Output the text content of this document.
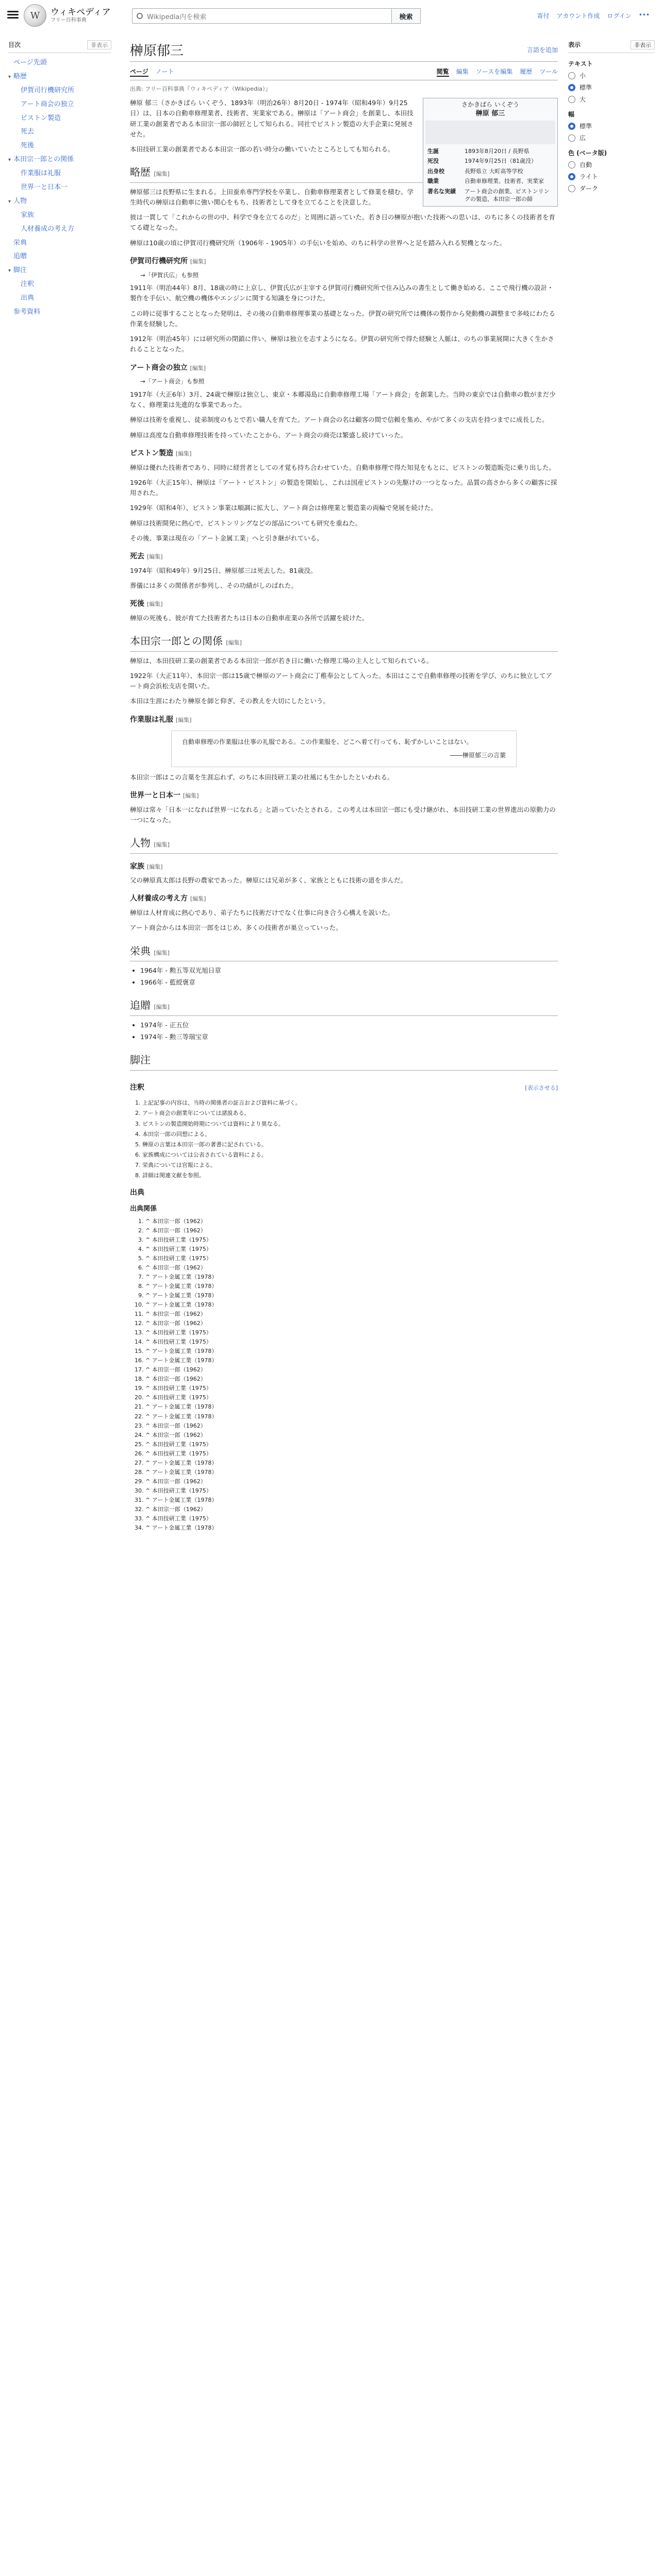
W	ウィキペディア
フリー百科事典	Wikipedia内を検索	検索	寄付 アカウント作成 ログイン •••
目次	非表示
ページ先頭
▾ 略歴
伊賀司行機研究所
アート商会の独立
ピストン製造
死去
死後
▾ 本田宗一郎との関係
作業服は礼服
世界一と日本一
▾ 人物
家族
人材養成の考え方
栄典
追贈
▾ 脚注
注釈
出典
参考資料
表示	非表示
テキスト
小
標準
大
幅
標準
広
色 (ベータ版)
自動
ライト
ダーク
榊原郁三	言語を追加
ページ ノート	閲覧 編集 ソースを編集 履歴 ツール
出典: フリー百科事典『ウィキペディア（Wikipedia）』
さかきばら いくぞう
榊原 郁三
生誕	1893年8月20日 / 長野県
死没	1974年9月25日（81歳没）
出身校	長野県立 大町高等学校
職業	自動車修理業、技術者、実業家
著名な実績	アート商会の創業、ピストンリングの製造、本田宗一郎の師

榊原 郁三（さかきばら いくぞう、1893年（明治26年）8月20日 - 1974年（昭和49年）9月25日）は、日本の自動車修理業者、技術者、実業家である。榊原は「アート商会」を創業し、本田技研工業の創業者である本田宗一郎の師匠として知られる。同社でピストン製造の大手企業に発展させた。

本田技研工業の創業者である本田宗一郎の若い時分の働いていたところとしても知られる。

略歴 [編集]

榊原郁三は長野県に生まれる。上田蚕糸専門学校を卒業し、自動車修理業者として修業を積む。学生時代の榊原は自動車に強い関心をもち、技術者として身を立てることを決意した。

彼は一貫して「これからの世の中、科学で身を立てるのだ」と周囲に語っていた。若き日の榊原が抱いた技術への思いは、のちに多くの技術者を育てる礎となった。

榊原は10歳の頃に伊賀司行機研究所（1906年 - 1905年）の手伝いを始め、のちに科学の世界へと足を踏み入れる契機となった。

伊賀司行機研究所 [編集]
→「伊賀氏広」も参照

1911年（明治44年）8月、18歳の時に上京し、伊賀氏広が主宰する伊賀司行機研究所で住み込みの書生として働き始める。ここで飛行機の設計・製作を手伝い、航空機の機体やエンジンに関する知識を身につけた。

この時に従事することとなった発明は、その後の自動車修理事業の基礎となった。伊賀の研究所では機体の製作から発動機の調整まで多岐にわたる作業を経験した。

1912年（明治45年）には研究所の閉鎖に伴い、榊原は独立を志すようになる。伊賀の研究所で得た経験と人脈は、のちの事業展開に大きく生かされることとなった。

アート商会の独立 [編集]
→「アート商会」も参照

1917年（大正6年）3月、24歳で榊原は独立し、東京・本郷湯島に自動車修理工場「アート商会」を創業した。当時の東京では自動車の数がまだ少なく、修理業は先進的な事業であった。

榊原は技術を重視し、徒弟制度のもとで若い職人を育てた。アート商会の名は顧客の間で信頼を集め、やがて多くの支店を持つまでに成長した。

榊原は高度な自動車修理技術を持っていたことから、アート商会の商売は繁盛し続けていった。

ピストン製造 [編集]

榊原は優れた技術者であり、同時に経営者としての才覚も持ち合わせていた。自動車修理で得た知見をもとに、ピストンの製造販売に乗り出した。

1926年（大正15年）、榊原は「アート・ピストン」の製造を開始し、これは国産ピストンの先駆けの一つとなった。品質の高さから多くの顧客に採用された。

1929年（昭和4年）、ピストン事業は順調に拡大し、アート商会は修理業と製造業の両輪で発展を続けた。

榊原は技術開発に熱心で、ピストンリングなどの部品についても研究を重ねた。

その後、事業は現在の「アート金属工業」へと引き継がれている。

死去 [編集]

1974年（昭和49年）9月25日、榊原郁三は死去した。81歳没。

葬儀には多くの関係者が参列し、その功績がしのばれた。

死後 [編集]

榊原の死後も、彼が育てた技術者たちは日本の自動車産業の各所で活躍を続けた。

本田宗一郎との関係 [編集]

榊原は、本田技研工業の創業者である本田宗一郎が若き日に働いた修理工場の主人として知られている。

1922年（大正11年）、本田宗一郎は15歳で榊原のアート商会に丁稚奉公として入った。本田はここで自動車修理の技術を学び、のちに独立してアート商会浜松支店を開いた。

本田は生涯にわたり榊原を師と仰ぎ、その教えを大切にしたという。

作業服は礼服 [編集]
自動車修理の作業服は仕事の礼服である。この作業服を、どこへ着て行っても、恥ずかしいことはない。
――榊原郁三の言葉

本田宗一郎はこの言葉を生涯忘れず、のちに本田技研工業の社風にも生かしたといわれる。

世界一と日本一 [編集]

榊原は常々「日本一になれば世界一になれる」と語っていたとされる。この考えは本田宗一郎にも受け継がれ、本田技研工業の世界進出の原動力の一つになった。

人物 [編集]
家族 [編集]

父の榊原真太郎は長野の農家であった。榊原には兄弟が多く、家族とともに技術の道を歩んだ。

人材養成の考え方 [編集]

榊原は人材育成に熱心であり、弟子たちに技術だけでなく仕事に向き合う心構えを説いた。

アート商会からは本田宗一郎をはじめ、多くの技術者が巣立っていった。

栄典 [編集]
• 1964年 - 勲五等双光旭日章
• 1966年 - 藍綬褒章
追贈 [編集]
• 1974年 - 正五位
• 1974年 - 勲三等瑞宝章
脚注
注釈	[表示させる]
1. 上記記事の内容は、当時の関係者の証言および資料に基づく。
2. アート商会の創業年については諸説ある。
3. ピストンの製造開始時期については資料により異なる。
4. 本田宗一郎の回想による。
5. 榊原の言葉は本田宗一郎の著書に記されている。
6. 家族構成については公表されている資料による。
7. 栄典については官報による。
8. 詳細は関連文献を参照。
出典
出典関係
1. ^ 本田宗一郎（1962）
2. ^ 本田宗一郎（1962）
3. ^ 本田技研工業（1975）
4. ^ 本田技研工業（1975）
5. ^ 本田技研工業（1975）
6. ^ 本田宗一郎（1962）
7. ^ アート金属工業（1978）
8. ^ アート金属工業（1978）
9. ^ アート金属工業（1978）
10. ^ アート金属工業（1978）
11. ^ 本田宗一郎（1962）
12. ^ 本田宗一郎（1962）
13. ^ 本田技研工業（1975）
14. ^ 本田技研工業（1975）
15. ^ アート金属工業（1978）
16. ^ アート金属工業（1978）
17. ^ 本田宗一郎（1962）
18. ^ 本田宗一郎（1962）
19. ^ 本田技研工業（1975）
20. ^ 本田技研工業（1975）
21. ^ アート金属工業（1978）
22. ^ アート金属工業（1978）
23. ^ 本田宗一郎（1962）
24. ^ 本田宗一郎（1962）
25. ^ 本田技研工業（1975）
26. ^ 本田技研工業（1975）
27. ^ アート金属工業（1978）
28. ^ アート金属工業（1978）
29. ^ 本田宗一郎（1962）
30. ^ 本田技研工業（1975）
31. ^ アート金属工業（1978）
32. ^ 本田宗一郎（1962）
33. ^ 本田技研工業（1975）
34. ^ アート金属工業（1978）
